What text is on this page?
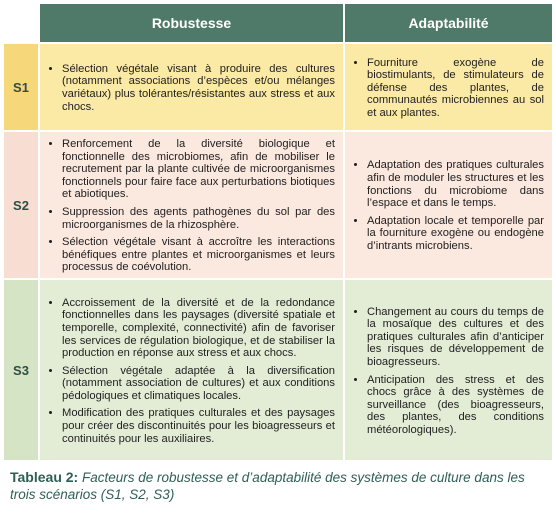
Robustesse	Adaptabilité
S1
• Sélection végétale visant à produire des cultures (notamment associations d’espèces et/ou mélanges variétaux) plus tolérantes/résistantes aux stress et aux chocs.
• Fourniture exogène de biostimulants, de stimulateurs de défense des plantes, de communautés microbiennes au sol et aux plantes.
S2
• Renforcement de la diversité biologique et fonctionnelle des microbiomes, afin de mobiliser le recrutement par la plante cultivée de microorganismes fonctionnels pour faire face aux perturbations biotiques et abiotiques.
• Suppression des agents pathogènes du sol par des microorganismes de la rhizosphère.
• Sélection végétale visant à accroître les interactions bénéfiques entre plantes et microorganismes et leurs processus de coévolution.
• Adaptation des pratiques culturales afin de moduler les structures et les fonctions du microbiome dans l’espace et dans le temps.
• Adaptation locale et temporelle par la fourniture exogène ou endogène d’intrants microbiens.
S3
• Accroissement de la diversité et de la redondance fonctionnelles dans les paysages (diversité spatiale et temporelle, complexité, connectivité) afin de favoriser les services de régulation biologique, et de stabiliser la production en réponse aux stress et aux chocs.
• Sélection végétale adaptée à la diversification (notamment association de cultures) et aux conditions pédologiques et climatiques locales.
• Modification des pratiques culturales et des paysages pour créer des discontinuités pour les bioagresseurs et continuités pour les auxiliaires.
• Changement au cours du temps de la mosaïque des cultures et des pratiques culturales afin d’anticiper les risques de développement de bioagresseurs.
• Anticipation des stress et des chocs grâce à des systèmes de surveillance (des bioagresseurs, des plantes, des conditions météorologiques).
Tableau 2: Facteurs de robustesse et d’adaptabilité des systèmes de culture dans les trois scénarios (S1, S2, S3)
